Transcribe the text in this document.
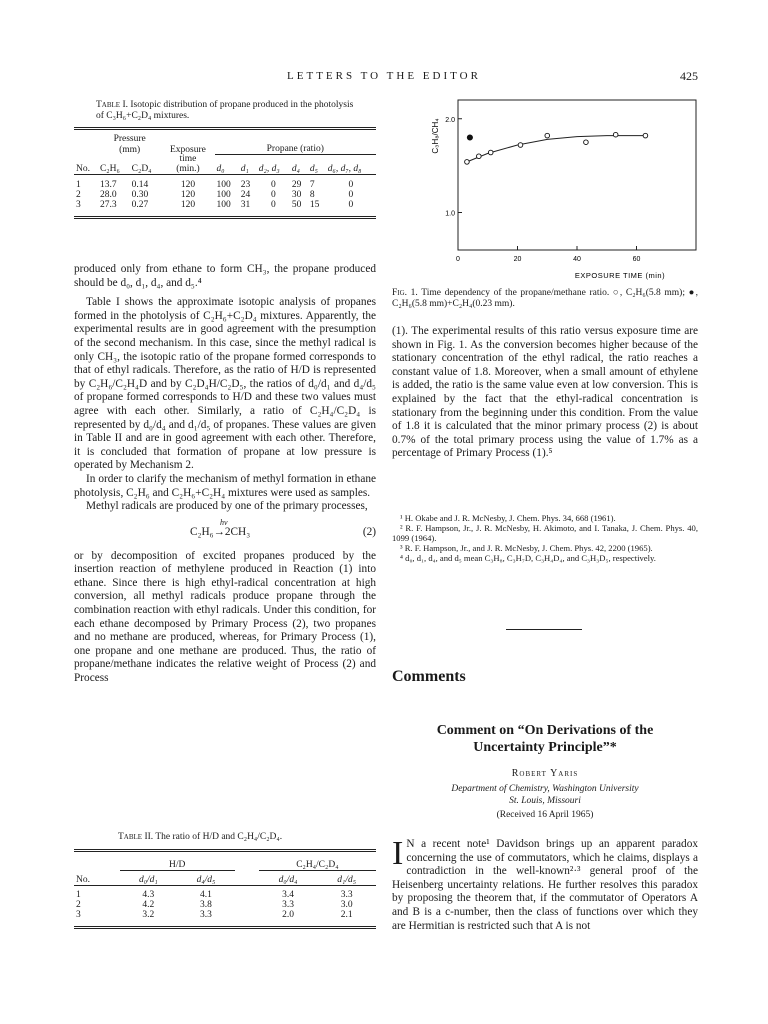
LETTERS TO THE EDITOR	425
Table I. Isotopic distribution of propane produced in the photolysis of C₃H₆+C₂D₄ mixtures.
	Pressure								
	(mm)		Exposure	Propane (ratio)					
			time						
No.	C₂H₆	C₂D₄	(min.)	d₀	d₁	d₂, d₃	d₄	d₅	d₆, d₇, d₈

1	13.7	0.14	120	100	23	0	29	7	0
2	28.0	0.30	120	100	24	0	30	8	0
3	27.3	0.27	120	100	31	0	50	15	0

produced only from ethane to form CH₃, the propane produced should be d₀, d₁, d₄, and d₅.⁴

Table I shows the approximate isotopic analysis of propanes formed in the photolysis of C₂H₆+C₂D₄ mixtures. Apparently, the experimental results are in good agreement with the presumption of the second mechanism. In this case, since the methyl radical is only CH₃, the isotopic ratio of the propane formed corresponds to that of ethyl radicals. Therefore, as the ratio of H/D is represented by C₂H₆/C₂H₄D and by C₂D₄H/C₂D₅, the ratios of d₀/d₁ and d₄/d₅ of propane formed corresponds to H/D and these two values must agree with each other. Similarly, a ratio of C₂H₄/C₂D₄ is represented by d₀/d₄ and d₁/d₅ of propanes. These values are given in Table II and are in good agreement with each other. Therefore, it is concluded that formation of propane at low pressure is operated by Mechanism 2.

In order to clarify the mechanism of methyl formation in ethane photolysis, C₂H₆ and C₂H₆+C₂H₄ mixtures were used as samples.

Methyl radicals are produced by one of the primary processes,

hν
C₂H₆→2CH₃	(2)

or by decomposition of excited propanes produced by the insertion reaction of methylene produced in Reaction (1) into ethane. Since there is high ethyl-radical concentration at high conversion, all methyl radicals produce propane through the combination reaction with ethyl radicals. Under this condition, for each ethane decomposed by Primary Process (2), two propanes and no methane are produced, whereas, for Primary Process (1), one propane and one methane are produced. Thus, the ratio of propane/methane indicates the relative weight of Process (2) and Process

Table II. The ratio of H/D and C₂H₄/C₂D₄.
	H/D			C₂H₄/C₂D₄	

No.	d₀/d₁	d₄/d₅		d₀/d₄	d₁/d₅

1	4.3	4.1		3.4	3.3
2	4.2	3.8		3.3	3.0
3	3.2	3.3		2.0	2.1
C₃H₈/CH₄
1.0
2.0
0	20	40	60
EXPOSURE TIME (min)
Fig. 1. Time dependency of the propane/methane ratio. ○, C₂H₆(5.8 mm); ●, C₂H₆(5.8 mm)+C₂H₄(0.23 mm).

(1). The experimental results of this ratio versus exposure time are shown in Fig. 1. As the conversion becomes higher because of the stationary concentration of the ethyl radical, the ratio reaches a constant value of 1.8. Moreover, when a small amount of ethylene is added, the ratio is the same value even at low conversion. This is explained by the fact that the ethyl-radical concentration is stationary from the beginning under this condition. From the value of 1.8 it is calculated that the minor primary process (2) is about 0.7% of the total primary process using the value of 1.7% as a percentage of Primary Process (1).⁵

¹ H. Okabe and J. R. McNesby, J. Chem. Phys. 34, 668 (1961).
² R. F. Hampson, Jr., J. R. McNesby, H. Akimoto, and I. Tanaka, J. Chem. Phys. 40, 1099 (1964).
³ R. F. Hampson, Jr., and J. R. McNesby, J. Chem. Phys. 42, 2200 (1965).
⁴ d₀, d₁, d₄, and d₅ mean C₃H₈, C₃H₇D, C₃H₄D₄, and C₃H₃D₅, respectively.
Comments
Comment on “On Derivations of the
Uncertainty Principle”*
Robert Yaris
Department of Chemistry, Washington University
St. Louis, Missouri
(Received 16 April 1965)
I N a recent note¹ Davidson brings up an apparent paradox concerning the use of commutators, which he claims, displays a contradiction in the well-known²·³ general proof of the Heisenberg uncertainty relations. He further resolves this paradox by proposing the theorem that, if the commutator of Operators A and B is a c-number, then the class of functions over which they are Hermitian is restricted such that A is not
